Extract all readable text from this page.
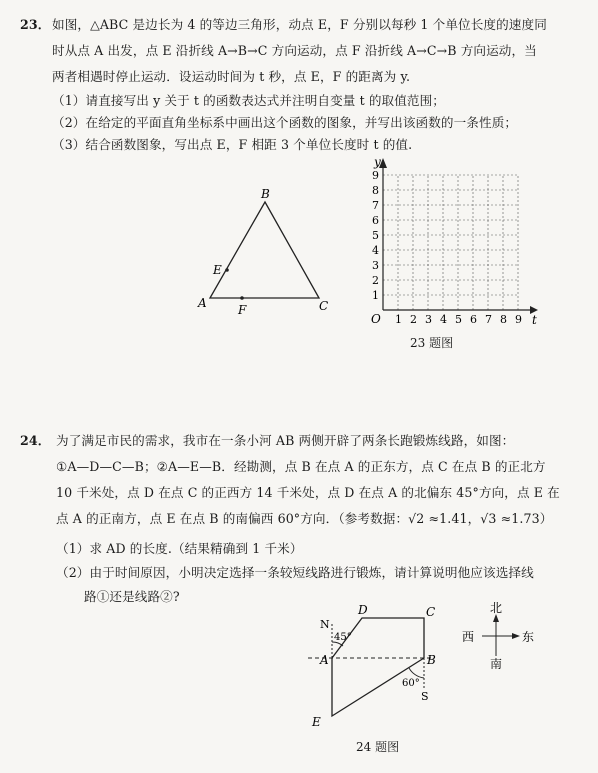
23． 如图，△ABC 是边长为 4 的等边三角形，动点 E，F 分别以每秒 1 个单位长度的速度同
时从点 A 出发，点 E 沿折线 A→B→C 方向运动，点 F 沿折线 A→C→B 方向运动，当
两者相遇时停止运动．设运动时间为 t 秒，点 E，F 的距离为 y.
（1）请直接写出 y 关于 t 的函数表达式并注明自变量 t 的取值范围；
（2）在给定的平面直角坐标系中画出这个函数的图象，并写出该函数的一条性质；
（3）结合函数图象，写出点 E，F 相距 3 个单位长度时 t 的值.
A
B
C
E
F
y
t
O 1 2 3 4 5 6 7 8 9
1
2
3
4
5
6
7
8
9
23 题图
24． 为了满足市民的需求，我市在一条小河 AB 两侧开辟了两条长跑锻炼线路，如图：
①A—D—C—B；②A—E—B．经勘测，点 B 在点 A 的正东方，点 C 在点 B 的正北方
10 千米处，点 D 在点 C 的正西方 14 千米处，点 D 在点 A 的北偏东 45°方向，点 E 在
点 A 的正南方，点 E 在点 B 的南偏西 60°方向．（参考数据：√2 ≈1.41，√3 ≈1.73）
（1）求 AD 的长度.（结果精确到 1 千米）
（2）由于时间原因，小明决定选择一条较短线路进行锻炼，请计算说明他应该选择线
路①还是线路②?
A	B
C
D
E
N
S
45°
60°
北
西	东
南
24 题图
